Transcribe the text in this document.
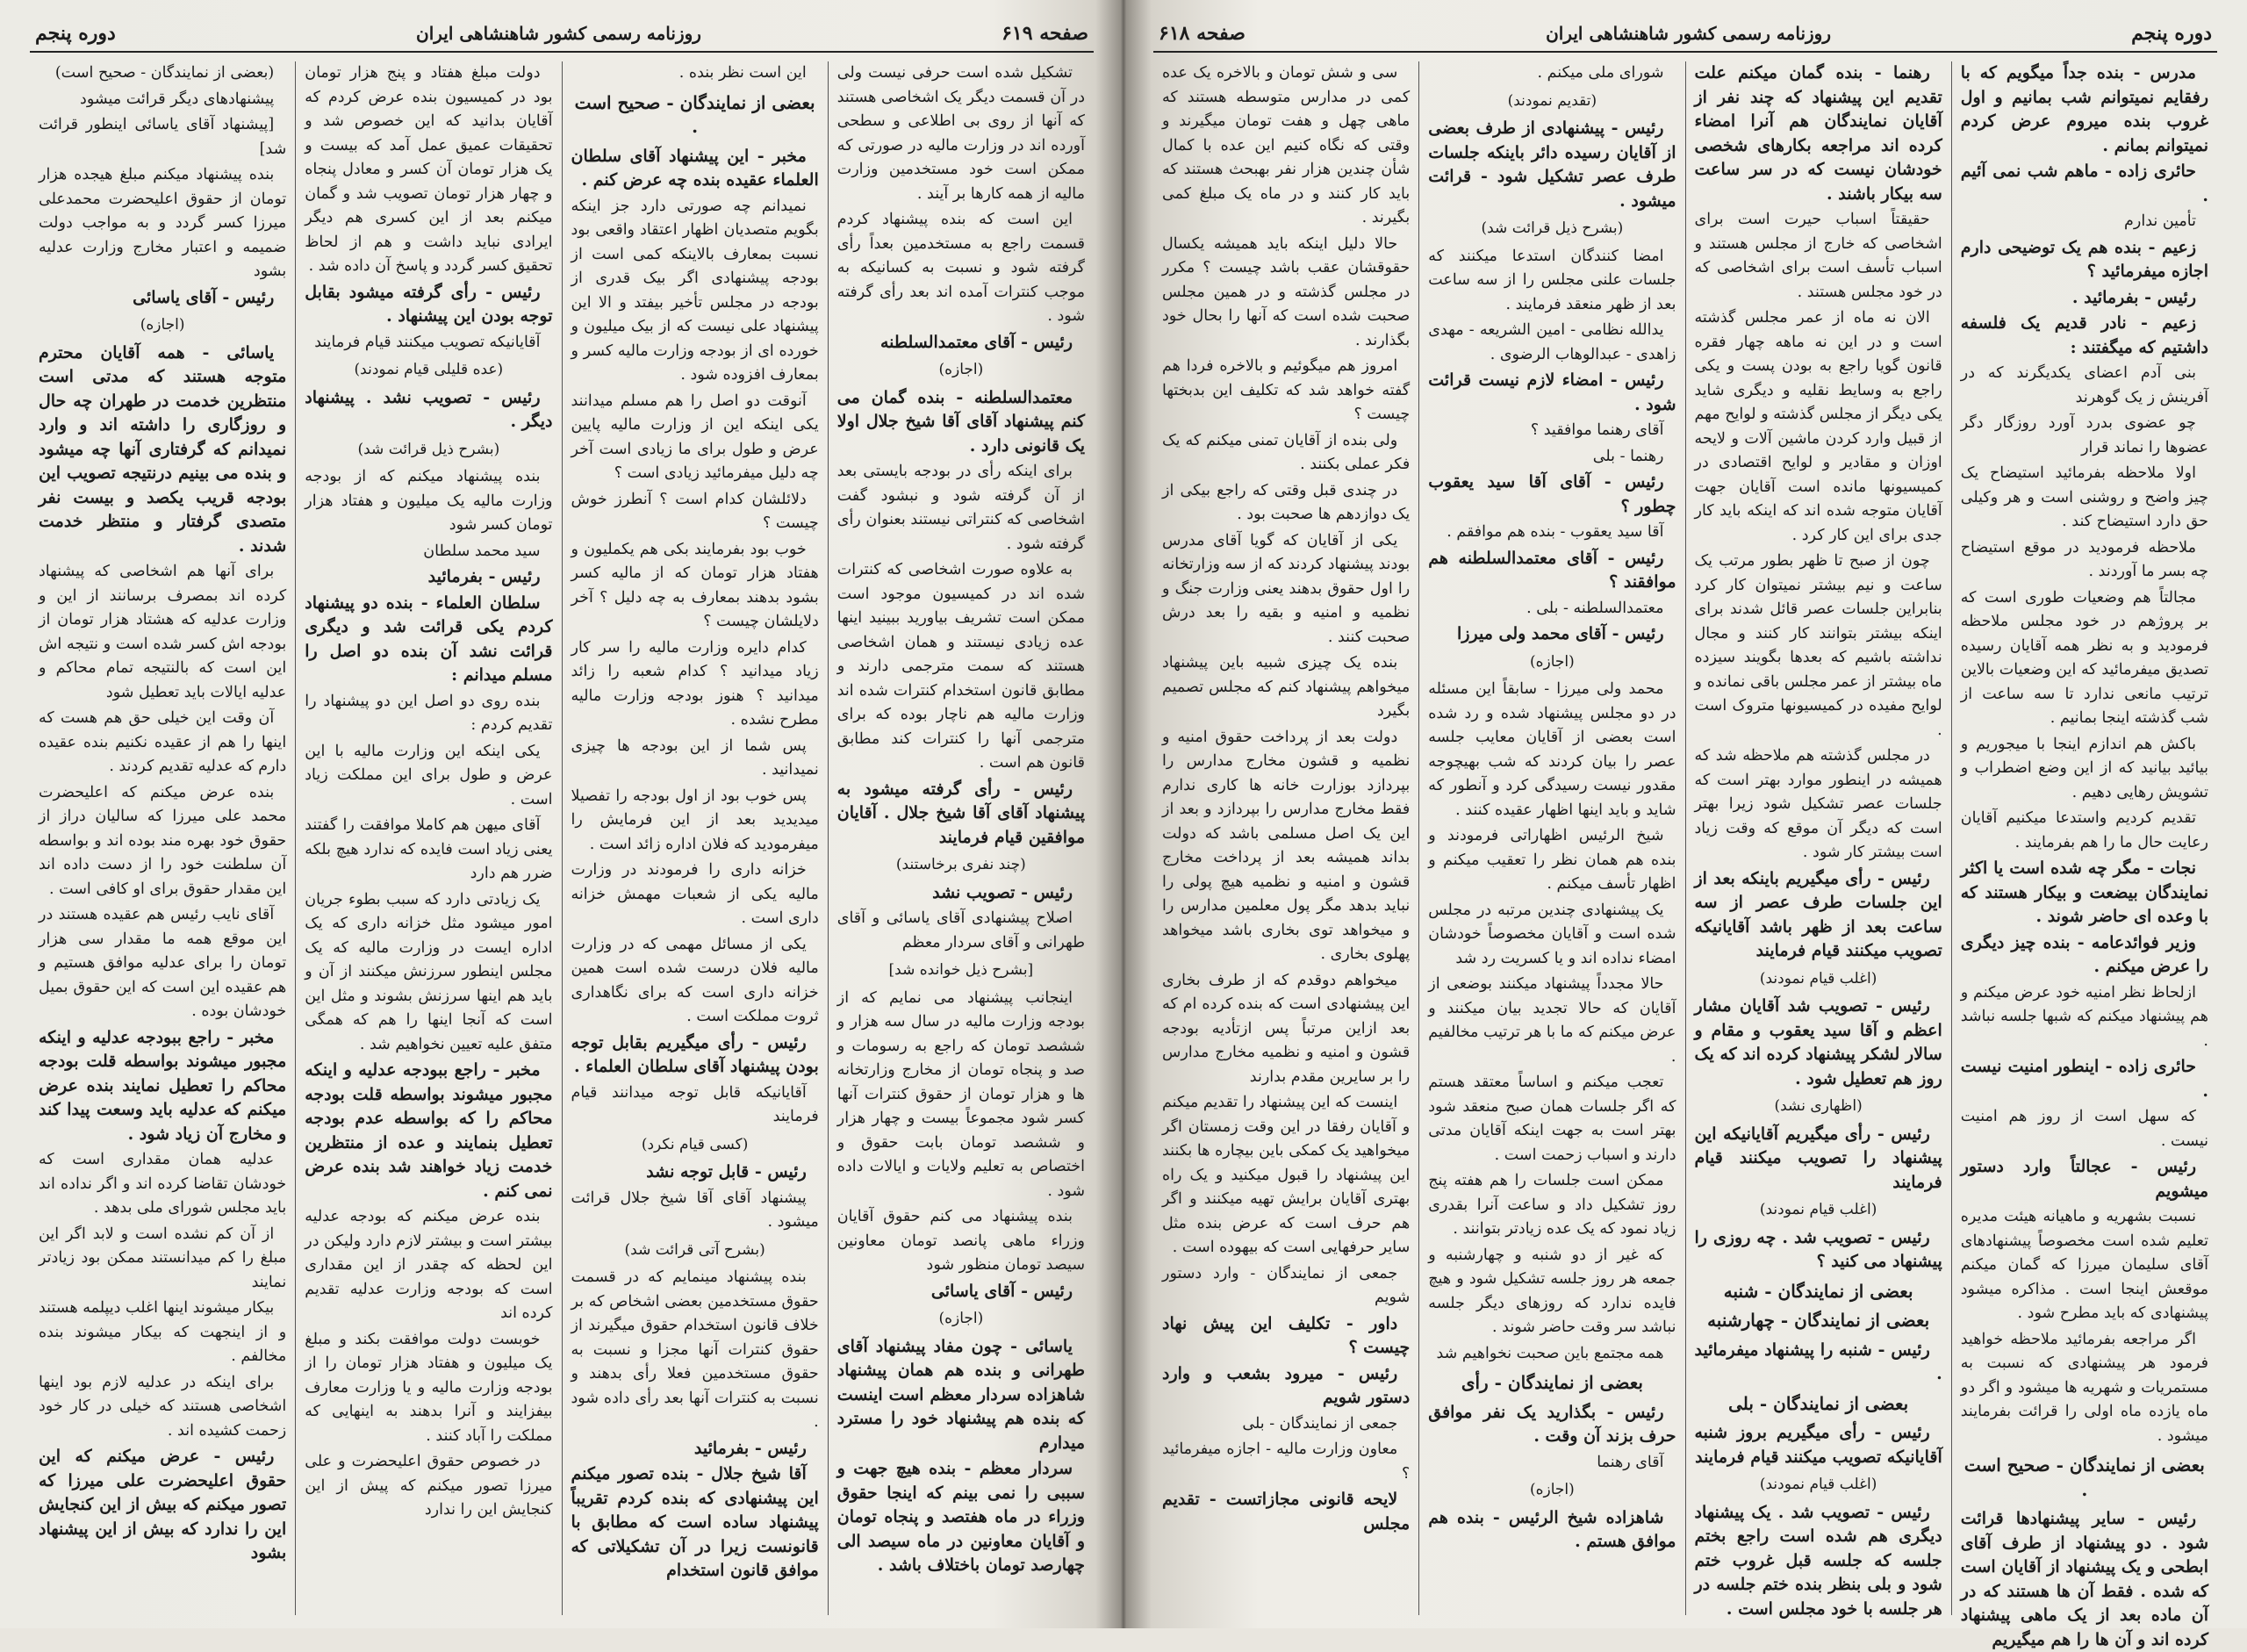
صفحه ۶۱۹
روزنامه رسمی کشور شاهنشاهی ایران
دوره پنجم

تشکیل شده است حرفی نیست ولی در آن قسمت دیگر یک اشخاصی هستند که آنها از روی بی اطلاعی و سطحی آورده اند در وزارت مالیه در صورتی که ممکن است خود مستخدمین وزارت مالیه از همه کارها بر آیند .

این است که بنده پیشنهاد کردم قسمت راجع به مستخدمین بعداً رأی گرفته شود و نسبت به کسانیکه به موجب کنترات آمده اند بعد رأی گرفته شود .

رئیس - آقای معتمدالسلطنه

(اجازه)

معتمدالسلطنه - بنده گمان می کنم پیشنهاد آقای آقا شیخ جلال اولا یک قانونی دارد .

برای اینکه رأی در بودجه بایستی بعد از آن گرفته شود و نبشود گفت اشخاصی که کنتراتی نیستند بعنوان رأی گرفته شود .

به علاوه صورت اشخاصی که کنترات شده اند در کمیسیون موجود است ممکن است تشریف بیاورید ببینید اینها عده زیادی نیستند و همان اشخاصی هستند که سمت مترجمی دارند و مطابق قانون استخدام کنترات شده اند وزارت مالیه هم ناچار بوده که برای مترجمی آنها را کنترات کند مطابق قانون هم است .

رئیس - رأی گرفته میشود به پیشنهاد آقای آقا شیخ جلال . آقایان موافقین قیام فرمایند

(چند نفری برخاستند)

رئیس - تصویب نشد

اصلاح پیشنهادی آقای یاسائی و آقای طهرانی و آقای سردار معظم

[بشرح ذیل خوانده شد]

اینجانب پیشنهاد می نمایم که از بودجه وزارت مالیه در سال سه هزار و ششصد تومان که راجع به رسومات و صد و پنجاه تومان از مخارج وزارتخانه ها و هزار تومان از حقوق کنترات آنها کسر شود مجموعاً بیست و چهار هزار و ششصد تومان بابت حقوق و اختصاص به تعلیم ولایات و ایالات داده شود .

بنده پیشنهاد می کنم حقوق آقایان وزراء ماهی پانصد تومان معاونین سیصد تومان منظور شود

رئیس - آقای یاسائی

(اجازه)

یاسائی - چون مفاد پیشنهاد آقای طهرانی و بنده هم همان پیشنهاد شاهزاده سردار معظم است اینست که بنده هم پیشنهاد خود را مسترد میدارم

سردار معظم - بنده هیچ جهت و سببی را نمی بینم که اینجا حقوق وزراء در ماه هفتصد و پنجاه تومان و آقایان معاونین در ماه سیصد الی چهارصد تومان باختلاف باشد .

این است نظر بنده .

بعضی از نمایندگان - صحیح است .

مخبر - این پیشنهاد آقای سلطان العلماء عقیده بنده چه عرض کنم .

نمیدانم چه صورتی دارد جز اینکه بگویم متصدیان اظهار اعتقاد واقعی بود نسبت بمعارف بالاینکه کمی است از بودجه پیشنهادی اگر بیک قدری از بودجه در مجلس تأخیر بیفتد و الا این پیشنهاد علی نیست که از بیک میلیون و خورده ای از بودجه وزارت مالیه کسر و بمعارف افزوده شود .

آنوقت دو اصل را هم مسلم میدانند یکی اینکه این از وزارت مالیه پایین عرض و طول برای ما زیادی است آخر چه دلیل میفرمائید زیادی است ؟

دلائلشان کدام است ؟ آنطرز خوش چیست ؟

خوب بود بفرمایند بکی هم یکملیون و هفتاد هزار تومان که از مالیه کسر بشود بدهند بمعارف به چه دلیل ؟ آخر دلایلشان چیست ؟

کدام دایره وزارت مالیه را سر کار زیاد میدانید ؟ کدام شعبه را زائد میدانید ؟ هنوز بودجه وزارت مالیه مطرح نشده .

پس شما از این بودجه ها چیزی نمیدانید .

پس خوب بود از اول بودجه را تفصیلا میدیدید بعد از این فرمایش را میفرمودید که فلان اداره زائد است .

خزانه داری را فرمودند در وزارت مالیه یکی از شعبات مهمش خزانه داری است .

یکی از مسائل مهمی که در وزارت مالیه فلان درست شده است همین خزانه داری است که برای نگاهداری ثروت مملکت است .

رئیس - رأی میگیریم بقابل توجه بودن پیشنهاد آقای سلطان العلماء .

آقایانیکه قابل توجه میدانند قیام فرمایند

(کسی قیام نکرد)

رئیس - قابل توجه نشد

پیشنهاد آقای آقا شیخ جلال قرائت میشود .

(بشرح آتی قرائت شد)

بنده پیشنهاد مینمایم که در قسمت حقوق مستخدمین بعضی اشخاص که بر خلاف قانون استخدام حقوق میگیرند از حقوق کنترات آنها مجزا و نسبت به حقوق مستخدمین فعلا رأی بدهند و نسبت به کنترات آنها بعد رأی داده شود .

رئیس - بفرمائید

آقا شیخ جلال - بنده تصور میکنم این پیشنهادی که بنده کردم تقریباً پیشنهاد ساده است که مطابق با قانونست زیرا در آن تشکیلاتی که موافق قانون استخدام

دولت مبلغ هفتاد و پنج هزار تومان بود در کمیسیون بنده عرض کردم که آقایان بدانید که این خصوص شد و تحقیقات عمیق عمل آمد که بیست و یک هزار تومان آن کسر و معادل پنجاه و چهار هزار تومان تصویب شد و گمان میکنم بعد از این کسری هم دیگر ایرادی نباید داشت و هم از لحاظ تحقیق کسر گردد و پاسخ آن داده شد .

رئیس - رأی گرفته میشود بقابل توجه بودن این پیشنهاد .

آقایانیکه تصویب میکنند قیام فرمایند

(عده قلیلی قیام نمودند)

رئیس - تصویب نشد . پیشنهاد دیگر .

(بشرح ذیل قرائت شد)

بنده پیشنهاد میکنم که از بودجه وزارت مالیه یک میلیون و هفتاد هزار تومان کسر شود

سید محمد سلطان

رئیس - بفرمائید

سلطان العلماء - بنده دو پیشنهاد کردم یکی قرائت شد و دیگری قرائت نشد آن بنده دو اصل را مسلم میدانم :

بنده روی دو اصل این دو پیشنهاد را تقدیم کردم :

یکی اینکه این وزارت مالیه با این عرض و طول برای این مملکت زیاد است .

آقای میهن هم کاملا موافقت را گفتند یعنی زیاد است فایده که ندارد هیچ بلکه ضرر هم دارد

یک زیادتی دارد که سبب بطوء جریان امور میشود مثل خزانه داری که یک اداره ایست در وزارت مالیه که یک مجلس اینطور سرزنش میکنند از آن و باید هم اینها سرزنش بشوند و مثل این است که آنجا اینها را هم که همگی متفق علیه تعیین نخواهیم شد .

مخبر - راجع ببودجه عدلیه و اینکه مجبور میشوند بواسطه قلت بودجه محاکم را که بواسطه عدم بودجه تعطیل بنمایند و عده از منتظرین خدمت زیاد خواهند شد بنده عرض نمی کنم .

بنده عرض میکنم که بودجه عدلیه بیشتر است و بیشتر لازم دارد ولیکن در این لحظه که چقدر از این مقداری است که بودجه وزارت عدلیه تقدیم کرده اند

خوبست دولت موافقت بکند و مبلغ یک میلیون و هفتاد هزار تومان را از بودجه وزارت مالیه و یا وزارت معارف بیفزایند و آنرا بدهند به اینهایی که مملکت را آباد کنند .

در خصوص حقوق اعلیحضرت و علی میرزا تصور میکنم که پیش از این کنجایش این را ندارد

(بعضی از نمایندگان - صحیح است)

پیشنهادهای دیگر قرائت میشود

[پیشنهاد آقای یاسائی اینطور قرائت شد]

بنده پیشنهاد میکنم مبلغ هیجده هزار تومان از حقوق اعلیحضرت محمدعلی میرزا کسر گردد و به مواجب دولت ضمیمه و اعتبار مخارج وزارت عدلیه بشود

رئیس - آقای یاسائی

(اجازه)

یاسائی - همه آقایان محترم متوجه هستند که مدتی است منتظرین خدمت در طهران چه حال و روزگاری را داشته اند و وارد نمیدانم که گرفتاری آنها چه میشود و بنده می بینیم درنتیجه تصویب این بودجه قریب یکصد و بیست نفر متصدی گرفتار و منتظر خدمت شدند .

برای آنها هم اشخاصی که پیشنهاد کرده اند بمصرف برسانند از این و وزارت عدلیه که هشتاد هزار تومان از بودجه اش کسر شده است و نتیجه اش این است که بالنتیجه تمام محاکم و عدلیه ایالات باید تعطیل شود

آن وقت این خیلی حق هم هست که اینها را هم از عقیده نکنیم بنده عقیده دارم که عدلیه تقدیم کردند .

بنده عرض میکنم که اعلیحضرت محمد علی میرزا که سالیان دراز از حقوق خود بهره مند بوده اند و بواسطه آن سلطنت خود را از دست داده اند این مقدار حقوق برای او کافی است .

آقای نایب رئیس هم عقیده هستند در این موقع همه ما مقدار سی هزار تومان را برای عدلیه موافق هستیم و هم عقیده این است که این حقوق بمیل خودشان بوده .

مخبر - راجع ببودجه عدلیه و اینکه مجبور میشوند بواسطه قلت بودجه محاکم را تعطیل نمایند بنده عرض میکنم که عدلیه باید وسعت پیدا کند و مخارج آن زیاد شود .

عدلیه همان مقداری است که خودشان تقاضا کرده اند و اگر نداده اند باید مجلس شورای ملی بدهد .

از آن کم نشده است و لابد اگر این مبلغ را کم میدانستند ممکن بود زیادتر نمایند

بیکار میشوند اینها اغلب دیپلمه هستند و از اینجهت که بیکار میشوند بنده مخالفم .

برای اینکه در عدلیه لازم بود اینها اشخاصی هستند که خیلی در کار خود زحمت کشیده اند .

رئیس - عرض میکنم که این حقوق اعلیحضرت علی میرزا که تصور میکنم که بیش از این کنجایش این را ندارد که بیش از این پیشنهاد بشود

دوره پنجم
روزنامه رسمی کشور شاهنشاهی ایران
صفحه ۶۱۸

مدرس - بنده جداً میگویم که با رفقایم نمیتوانم شب بمانیم و اول غروب بنده میروم عرض کردم نمیتوانم بمانم .

حائری زاده - ماهم شب نمی آئیم .

تأمین ندارم

زعیم - بنده هم یک توضیحی دارم اجازه میفرمائید ؟

رئیس - بفرمائید .

زعیم - نادر قدیم یک فلسفه داشتیم که میگفتند :

بنی آدم اعضای یکدیگرند که در آفرینش ز یک گوهرند

چو عضوی بدرد آورد روزگار دگر عضوها را نماند قرار

اولا ملاحظه بفرمائید استیضاح یک چیز واضح و روشنی است و هر وکیلی حق دارد استیضاح کند .

ملاحظه فرمودید در موقع استیضاح چه بسر ما آوردند .

مجالتاً هم وضعیات طوری است که بر پروژهم در خود مجلس ملاحظه فرمودید و به نظر همه آقایان رسیده تصدیق میفرمائید که این وضعیات بالاین ترتیب مانعی ندارد تا سه ساعت از شب گذشته اینجا بمانیم .

باکش هم اندازم اینجا با میجوریم و بیائید بیانید که از این وضع اضطراب و تشویش رهایی دهیم .

تقدیم کردیم واستدعا میکنیم آقایان رعایت حال ما را هم بفرمایند .

نجات - مگر چه شده است یا اکثر نمایندگان بیضعت و بیکار هستند که با وعده ای حاضر شوند .

وزیر فوائدعامه - بنده چیز دیگری را عرض میکنم .

ازلحاظ نظر امنیه خود عرض میکنم و هم پیشنهاد میکنم که شبها جلسه نباشد .

حائری زاده - اینطور امنیت نیست .

که سهل است از روز هم امنیت نیست .

رئیس - عجالتاً وارد دستور میشویم

نسبت بشهریه و ماهیانه هیئت مدیره تعلیم شده است مخصوصاً پیشنهادهای آقای سلیمان میرزا که گمان میکنم موقعش اینجا است . مذاکره میشود پیشنهادی که باید مطرح شود .

اگر مراجعه بفرمائید ملاحظه خواهید فرمود هر پیشنهادی که نسبت به مستمریات و شهریه ها میشود و اگر دو ماه یازده ماه اولی را قرائت بفرمایند میشود .

بعضی از نمایندگان - صحیح است .

رئیس - سایر پیشنهادها قرائت شود . دو پیشنهاد از طرف آقای ابطحی و یک پیشنهاد از آقایان است که شده . فقط آن ها هستند که در آن ماده بعد از یک ماهی پیشنهاد کرده اند و آن ها را هم میگیریم

رهنما - بنده گمان میکنم علت تقدیم این پیشنهاد که چند نفر از آقایان نمایندگان هم آنرا امضاء کرده اند مراجعه بکارهای شخصی خودشان نیست که در سر ساعت سه بیکار باشند .

حقیقتاً اسباب حیرت است برای اشخاصی که خارج از مجلس هستند و اسباب تأسف است برای اشخاصی که در خود مجلس هستند .

الان نه ماه از عمر مجلس گذشته است و در این نه ماهه چهار فقره قانون گویا راجع به بودن پست و یکی راجع به وسایط نقلیه و دیگری شاید یکی دیگر از مجلس گذشته و لوایح مهم از قبیل وارد کردن ماشین آلات و لایحه اوزان و مقادیر و لوایح اقتصادی در کمیسیونها مانده است آقایان جهت آقایان متوجه شده اند که اینکه باید کار جدی برای این کار کرد .

چون از صبح تا ظهر بطور مرتب یک ساعت و نیم بیشتر نمیتوان کار کرد بنابراین جلسات عصر قائل شدند برای اینکه بیشتر بتوانند کار کنند و مجال نداشته باشیم که بعدها بگویند سیزده ماه بیشتر از عمر مجلس باقی نمانده و لوایح مفیده در کمیسیونها متروک است .

در مجلس گذشته هم ملاحظه شد که همیشه در اینطور موارد بهتر است که جلسات عصر تشکیل شود زیرا بهتر است که دیگر آن موقع که وقت زیاد است بیشتر کار شود .

رئیس - رأی میگیریم باینکه بعد از این جلسات طرف عصر از سه ساعت بعد از ظهر باشد آقایانیکه تصویب میکنند قیام فرمایند

(اغلب قیام نمودند)

رئیس - تصویب شد آقایان مشار اعظم و آقا سید یعقوب و مقام و سالار لشکر پیشنهاد کرده اند که یک روز هم تعطیل شود .

(اظهاری نشد)

رئیس - رأی میگیریم آقایانیکه این پیشنهاد را تصویب میکنند قیام فرمایند

(اغلب قیام نمودند)

رئیس - تصویب شد . چه روزی را پیشنهاد می کنید ؟

بعضی از نمایندگان - شنبه
بعضی از نمایندگان - چهارشنبه

رئیس - شنبه را پیشنهاد میفرمائید .

بعضی از نمایندگان - بلی

رئیس - رأی میگیریم بروز شنبه آقایانیکه تصویب میکنند قیام فرمایند

(اغلب قیام نمودند)

رئیس - تصویب شد . یک پیشنهاد دیگری هم شده است راجع بختم جلسه که جلسه قبل غروب ختم شود و بلی بنظر بنده ختم جلسه در هر جلسه با خود مجلس است .

شورای ملی میکنم .

(تقدیم نمودند)

رئیس - پیشنهادی از طرف بعضی از آقایان رسیده دائر باینکه جلسات طرف عصر تشکیل شود - قرائت میشود .

(بشرح ذیل قرائت شد)

امضا کنندگان استدعا میکنند که جلسات علنی مجلس را از سه ساعت بعد از ظهر منعقد فرمایند .

یدالله نظامی - امین الشریعه - مهدی زاهدی - عبدالوهاب الرضوی .

رئیس - امضاء لازم نیست قرائت شود .

آقای رهنما موافقید ؟

رهنما - بلی

رئیس - آقای آقا سید یعقوب چطور ؟

آقا سید یعقوب - بنده هم موافقم .

رئیس - آقای معتمدالسلطنه هم موافقند ؟

معتمدالسلطنه - بلی .

رئیس - آقای محمد ولی میرزا

(اجازه)

محمد ولی میرزا - سابقاً این مسئله در دو مجلس پیشنهاد شده و رد شده است بعضی از آقایان معایب جلسه عصر را بیان کردند که شب بهیچوجه مقدور نیست رسیدگی کرد و آنطور که شاید و باید اینها اظهار عقیده کنند .

شیخ الرئیس اظهاراتی فرمودند و بنده هم همان نظر را تعقیب میکنم و اظهار تأسف میکنم .

یک پیشنهادی چندین مرتبه در مجلس شده است و آقایان مخصوصاً خودشان امضاء نداده اند و یا کسریت رد شد

حالا مجدداً پیشنهاد میکنند بوضعی از آقایان که حالا تجدید بیان میکنند و عرض میکنم که ما با هر ترتیب مخالفیم .

تعجب میکنم و اساساً معتقد هستم که اگر جلسات همان صبح منعقد شود بهتر است به جهت اینکه آقایان مدتی دارند و اسباب زحمت است .

ممکن است جلسات را هم هفته پنج روز تشکیل داد و ساعت آنرا بقدری زیاد نمود که یک عده زیادتر بتوانند .

که غیر از دو شنبه و چهارشنبه و جمعه هر روز جلسه تشکیل شود و هیچ فایده ندارد که روزهای دیگر جلسه نباشد سر وقت حاضر شوند .

همه مجتمع باین صحبت نخواهیم شد

بعضی از نمایندگان - رأی

رئیس - بگذارید یک نفر موافق حرف بزند آن وقت .

آقای رهنما

(اجازه)

شاهزاده شیخ الرئیس - بنده هم موافق هستم .

سی و شش تومان و بالاخره یک عده کمی در مدارس متوسطه هستند که ماهی چهل و هفت تومان میگیرند و وقتی که نگاه کنیم این عده با کمال شأن چندین هزار نفر بهبحث هستند که باید کار کنند و در ماه یک مبلغ کمی بگیرند .

حالا دلیل اینکه باید همیشه یکسال حقوقشان عقب باشد چیست ؟ مکرر در مجلس گذشته و در همین مجلس صحبت شده است که آنها را بحال خود بگذارند .

امروز هم میگوئیم و بالاخره فردا هم گفته خواهد شد که تکلیف این بدبختها چیست ؟

ولی بنده از آقایان تمنی میکنم که یک فکر عملی بکنند .

در چندی قبل وقتی که راجع بیکی از یک دوازدهم ها صحبت بود .

یکی از آقایان که گویا آقای مدرس بودند پیشنهاد کردند که از سه وزارتخانه را اول حقوق بدهند یعنی وزارت جنگ و نظمیه و امنیه و بقیه را بعد درش صحبت کنند .

بنده یک چیزی شبیه باین پیشنهاد میخواهم پیشنهاد کنم که مجلس تصمیم بگیرد

دولت بعد از پرداخت حقوق امنیه و نظمیه و قشون مخارج مدارس را بپردازد بوزارت خانه ها کاری ندارم فقط مخارج مدارس را بپردازد و بعد از این یک اصل مسلمی باشد که دولت بداند همیشه بعد از پرداخت مخارج قشون و امنیه و نظمیه هیچ پولی را نباید بدهد مگر پول معلمین مدارس را و میخواهد توی بخاری باشد میخواهد پهلوی بخاری .

میخواهم دوقدم که از طرف بخاری این پیشنهادی است که بنده کرده ام که بعد ازاین مرتباً پس ازتأدیه بودجه قشون و امنیه و نظمیه مخارج مدارس را بر سایرین مقدم بدارند

اینست که این پیشنهاد را تقدیم میکنم و آقایان رفقا در این وقت زمستان اگر میخواهید یک کمکی باین بیچاره ها بکنند این پیشنهاد را قبول میکنید و یک راه بهتری آقایان برایش تهیه میکنند و اگر هم حرف است که عرض بنده مثل سایر حرفهایی است که بیهوده است .

جمعی از نمایندگان - وارد دستور شویم

داور - تکلیف این پیش نهاد چیست ؟

رئیس - میرود بشعب و وارد دستور شویم

جمعی از نمایندگان - بلی

معاون وزارت ماليه - اجازه میفرمائید ؟

لایحه قانونی مجازاتست - تقدیم مجلس
